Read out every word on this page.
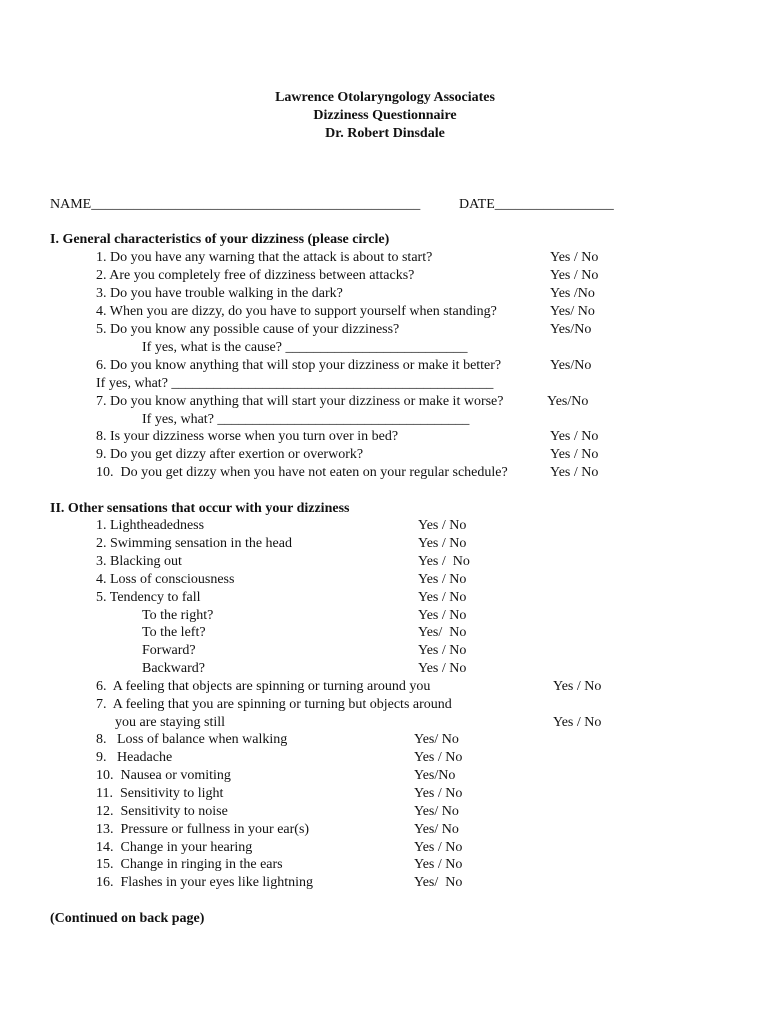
Lawrence Otolaryngology Associates
Dizziness Questionnaire
Dr. Robert Dinsdale
NAME_______________________________________________	DATE_________________
I. General characteristics of your dizziness (please circle)
1. Do you have any warning that the attack is about to start?	Yes / No
2. Are you completely free of dizziness between attacks?	Yes / No
3. Do you have trouble walking in the dark?	Yes /No
4. When you are dizzy, do you have to support yourself when standing?	Yes/ No
5. Do you know any possible cause of your dizziness?	Yes/No
If yes, what is the cause? __________________________
6. Do you know anything that will stop your dizziness or make it better?	Yes/No
If yes, what? ______________________________________________
7. Do you know anything that will start your dizziness or make it worse?	Yes/No
If yes, what? ____________________________________
8. Is your dizziness worse when you turn over in bed?	Yes / No
9. Do you get dizzy after exertion or overwork?	Yes / No
10.  Do you get dizzy when you have not eaten on your regular schedule?	Yes / No
II. Other sensations that occur with your dizziness
1. Lightheadedness	Yes / No
2. Swimming sensation in the head	Yes / No
3. Blacking out	Yes /  No
4. Loss of consciousness	Yes / No
5. Tendency to fall	Yes / No
To the right?	Yes / No
To the left?	Yes/  No
Forward?	Yes / No
Backward?	Yes / No
6.  A feeling that objects are spinning or turning around you	Yes / No
7.  A feeling that you are spinning or turning but objects around
you are staying still	Yes / No
8.   Loss of balance when walking	Yes/ No
9.   Headache	Yes / No
10.  Nausea or vomiting	Yes/No
11.  Sensitivity to light	Yes / No
12.  Sensitivity to noise	Yes/ No
13.  Pressure or fullness in your ear(s)	Yes/ No
14.  Change in your hearing	Yes / No
15.  Change in ringing in the ears	Yes / No
16.  Flashes in your eyes like lightning	Yes/  No
(Continued on back page)
